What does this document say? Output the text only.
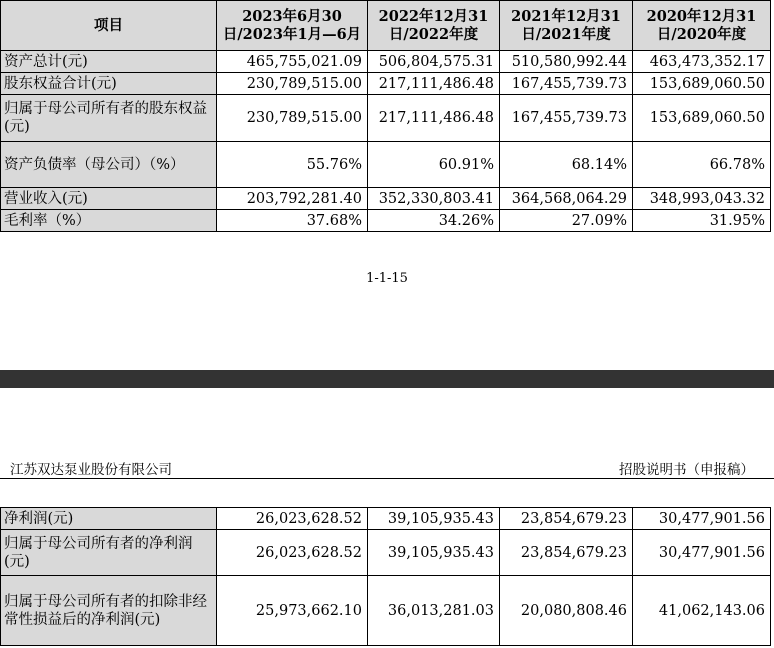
项目	2023年6月30日/2023年1月—6月	2022年12月31日/2022年度	2021年12月31日/2021年度	2020年12月31日/2020年度
资产总计(元)	465,755,021.09	506,804,575.31	510,580,992.44	463,473,352.17
股东权益合计(元)	230,789,515.00	217,111,486.48	167,455,739.73	153,689,060.50
归属于母公司所有者的股东权益(元)	230,789,515.00	217,111,486.48	167,455,739.73	153,689,060.50
资产负债率（母公司）（%）	55.76%	60.91%	68.14%	66.78%
营业收入(元)	203,792,281.40	352,330,803.41	364,568,064.29	348,993,043.32
毛利率（%）	37.68%	34.26%	27.09%	31.95%
1-1-15
江苏双达泵业股份有限公司	招股说明书（申报稿）
净利润(元)	26,023,628.52	39,105,935.43	23,854,679.23	30,477,901.56
归属于母公司所有者的净利润(元)	26,023,628.52	39,105,935.43	23,854,679.23	30,477,901.56
归属于母公司所有者的扣除非经常性损益后的净利润(元)	25,973,662.10	36,013,281.03	20,080,808.46	41,062,143.06
